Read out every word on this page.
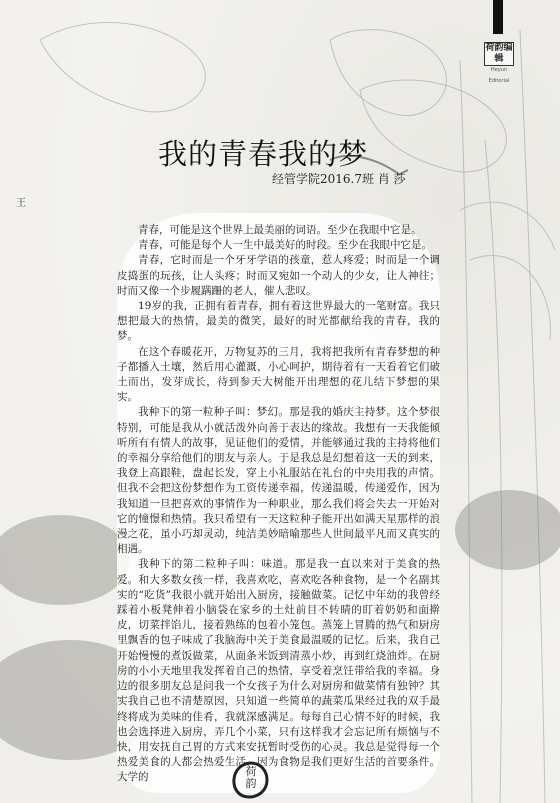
荷韵编辑
Heyun Editorial
我的青春我的梦
经管学院2016.7班 肖 莎
王

青春，可能是这个世界上最美丽的词语。至少在我眼中它是。

青春，可能是每个人一生中最美好的时段。至少在我眼中它是。

青春，它时而是一个牙牙学语的孩童，惹人疼爱；时而是一个调皮捣蛋的玩孩，让人头疼；时而又宛如一个动人的少女，让人神往；时而又像一个步履蹒跚的老人，催人悲叹。

19岁的我，正拥有着青春，拥有着这世界最大的一笔财富。我只想把最大的热情，最美的微笑，最好的时光都献给我的青春，我的梦。

在这个春暖花开，万物复苏的三月，我将把我所有青春梦想的种子都播入土壤，然后用心灌溉，小心呵护，期待着有一天看着它们破土而出，发芽成长，待到参天大树能开出理想的花儿结下梦想的果实。

我种下的第一粒种子叫：梦幻。那是我的婚庆主持梦。这个梦很特别，可能是我从小就活泼外向善于表达的缘故。我想有一天我能倾听所有有情人的故事，见证他们的爱情，并能够通过我的主持将他们的幸福分享给他们的朋友与亲人。于是我总是幻想着这一天的到来，我登上高跟鞋，盘起长发，穿上小礼服站在礼台的中央用我的声情。但我不会把这份梦想作为工资传递幸福，传递温暖，传递爱作，因为我知道一旦把喜欢的事情作为一种职业，那么我们将会失去一开始对它的憧憬和热情。我只希望有一天这粒种子能开出如满天星那样的浪漫之花，虽小巧却灵动，纯洁美妙暗喻那些人世间最平凡而又真实的相遇。

我种下的第二粒种子叫：味道。那是我一直以来对于美食的热爱。和大多数女孩一样，我喜欢吃，喜欢吃各种食物，是一个名副其实的“吃货”我很小就开始出入厨房，接触做菜。记忆中年幼的我曾经踩着小板凳伸着小脑袋在家乡的土灶前目不转睛的盯着奶奶和面擀皮，切菜拌馅儿，接着熟练的包着小笼包。蒸笼上冒腾的热气和厨房里飘香的包子味成了我脑海中关于美食最温暖的记忆。后来，我自己开始慢慢的煮饭做菜，从面条米饭到清蒸小炒，再到红烧油炸。在厨房的小小天地里我发挥着自己的热情，享受着烹饪带给我的幸福。身边的很多朋友总是问我一个女孩子为什么对厨房和做菜情有独钟？其实我自己也不清楚原因，只知道一些简单的蔬菜瓜果经过我的双手最终将成为美味的佳肴，我就深感满足。每每自己心情不好的时候，我也会选择进入厨房，弄几个小菜，只有这样我才会忘记所有烦恼与不快，用安抚自己胃的方式来安抚暂时受伤的心灵。我总是觉得每一个热爱美食的人都会热爱生活，因为食物是我们更好生活的首要条件。大学的	荷韵
